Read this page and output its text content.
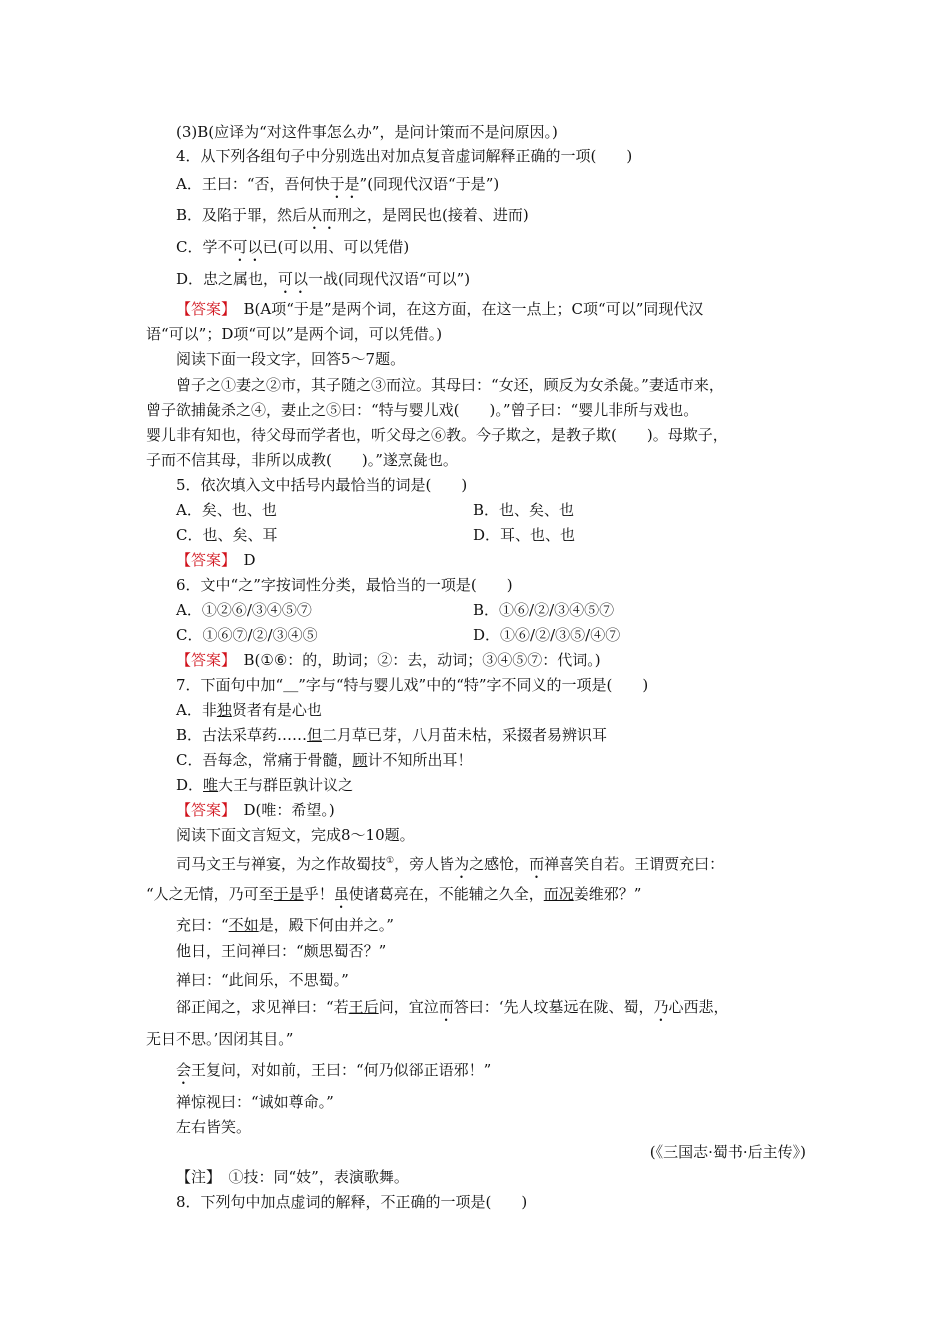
(3)B(应译为“对这件事怎么办”，是问计策而不是问原因。)
4．从下列各组句子中分别选出对加点复音虚词解释正确的一项(　　)
A．王曰：“否，吾何快于是”(同现代汉语“于是”)
B．及陷于罪，然后从而刑之，是罔民也(接着、进而)
C．学不可以已(可以用、可以凭借)
D．忠之属也，可以一战(同现代汉语“可以”)
【答案】　B(A项“于是”是两个词，在这方面，在这一点上；C项“可以”同现代汉
语“可以”；D项“可以”是两个词，可以凭借。)
阅读下面一段文字，回答5～7题。
曾子之①妻之②市，其子随之③而泣。其母曰：“女还，顾反为女杀彘。”妻适市来，
曾子欲捕彘杀之④，妻止之⑤曰：“特与婴儿戏(　　)。”曾子曰：“婴儿非所与戏也。
婴儿非有知也，待父母而学者也，听父母之⑥教。今子欺之，是教子欺(　　)。母欺子，
子而不信其母，非所以成教(　　)。”遂烹彘也。
5．依次填入文中括号内最恰当的词是(　　)
A．矣、也、也	B．也、矣、也
C．也、矣、耳	D．耳、也、也
【答案】　D
6．文中“之”字按词性分类，最恰当的一项是(　　)
A．①②⑥/③④⑤⑦	B．①⑥/②/③④⑤⑦
C．①⑥⑦/②/③④⑤	D．①⑥/②/③⑤/④⑦
【答案】　B(①⑥：的，助词；②：去，动词；③④⑤⑦：代词。)
7．下面句中加“＿”字与“特与婴儿戏”中的“特”字不同义的一项是(　　)
A．非独贤者有是心也
B．古法采草药……但二月草已芽，八月苗未枯，采掇者易辨识耳
C．吾每念，常痛于骨髓，顾计不知所出耳！
D．唯大王与群臣孰计议之
【答案】　D(唯：希望。)
阅读下面文言短文，完成8～10题。
司马文王与禅宴，为之作故蜀技①，旁人皆为之感怆，而禅喜笑自若。王谓贾充曰：
“人之无情，乃可至于是乎！虽使诸葛亮在，不能辅之久全，而况姜维邪？”
充曰：“不如是，殿下何由并之。”
他日，王问禅曰：“颇思蜀否？”
禅曰：“此间乐，不思蜀。”
郤正闻之，求见禅曰：“若王后问，宜泣而答曰：‘先人坟墓远在陇、蜀，乃心西悲，
无日不思。’因闭其目。”
会王复问，对如前，王曰：“何乃似郤正语邪！”
禅惊视曰：“诚如尊命。”
左右皆笑。
(《三国志·蜀书·后主传》)
【注】　①技：同“妓”，表演歌舞。
8．下列句中加点虚词的解释，不正确的一项是(　　)
